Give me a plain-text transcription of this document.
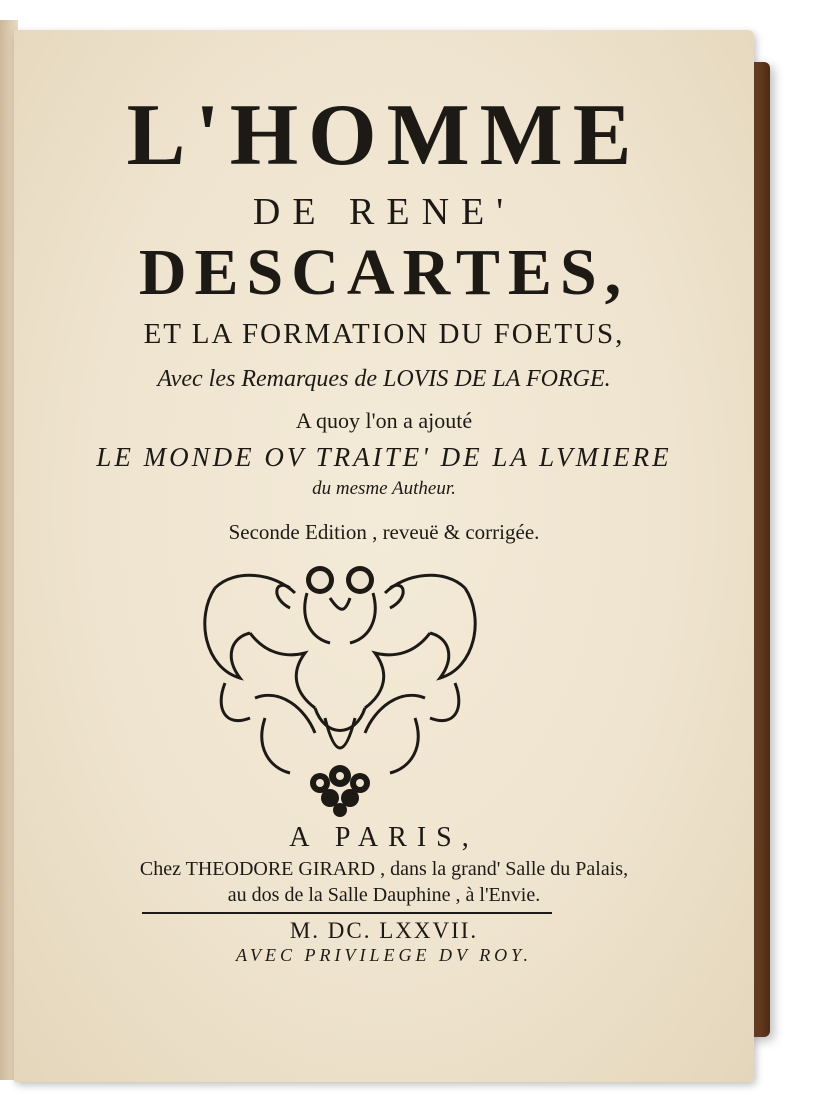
L'HOMME
DE RENE'
DESCARTES,
ET LA FORMATION DU FOETUS,
Avec les Remarques de LOVIS DE LA FORGE.
A quoy l'on a ajouté
LE MONDE OV TRAITE' DE LA LVMIERE
du mesme Autheur.
Seconde Edition , reveuë & corrigée.
A PARIS,
Chez THEODORE GIRARD , dans la grand' Salle du Palais,
au dos de la Salle Dauphine , à l'Envie.
M. DC. LXXVII.
AVEC PRIVILEGE DV ROY.
